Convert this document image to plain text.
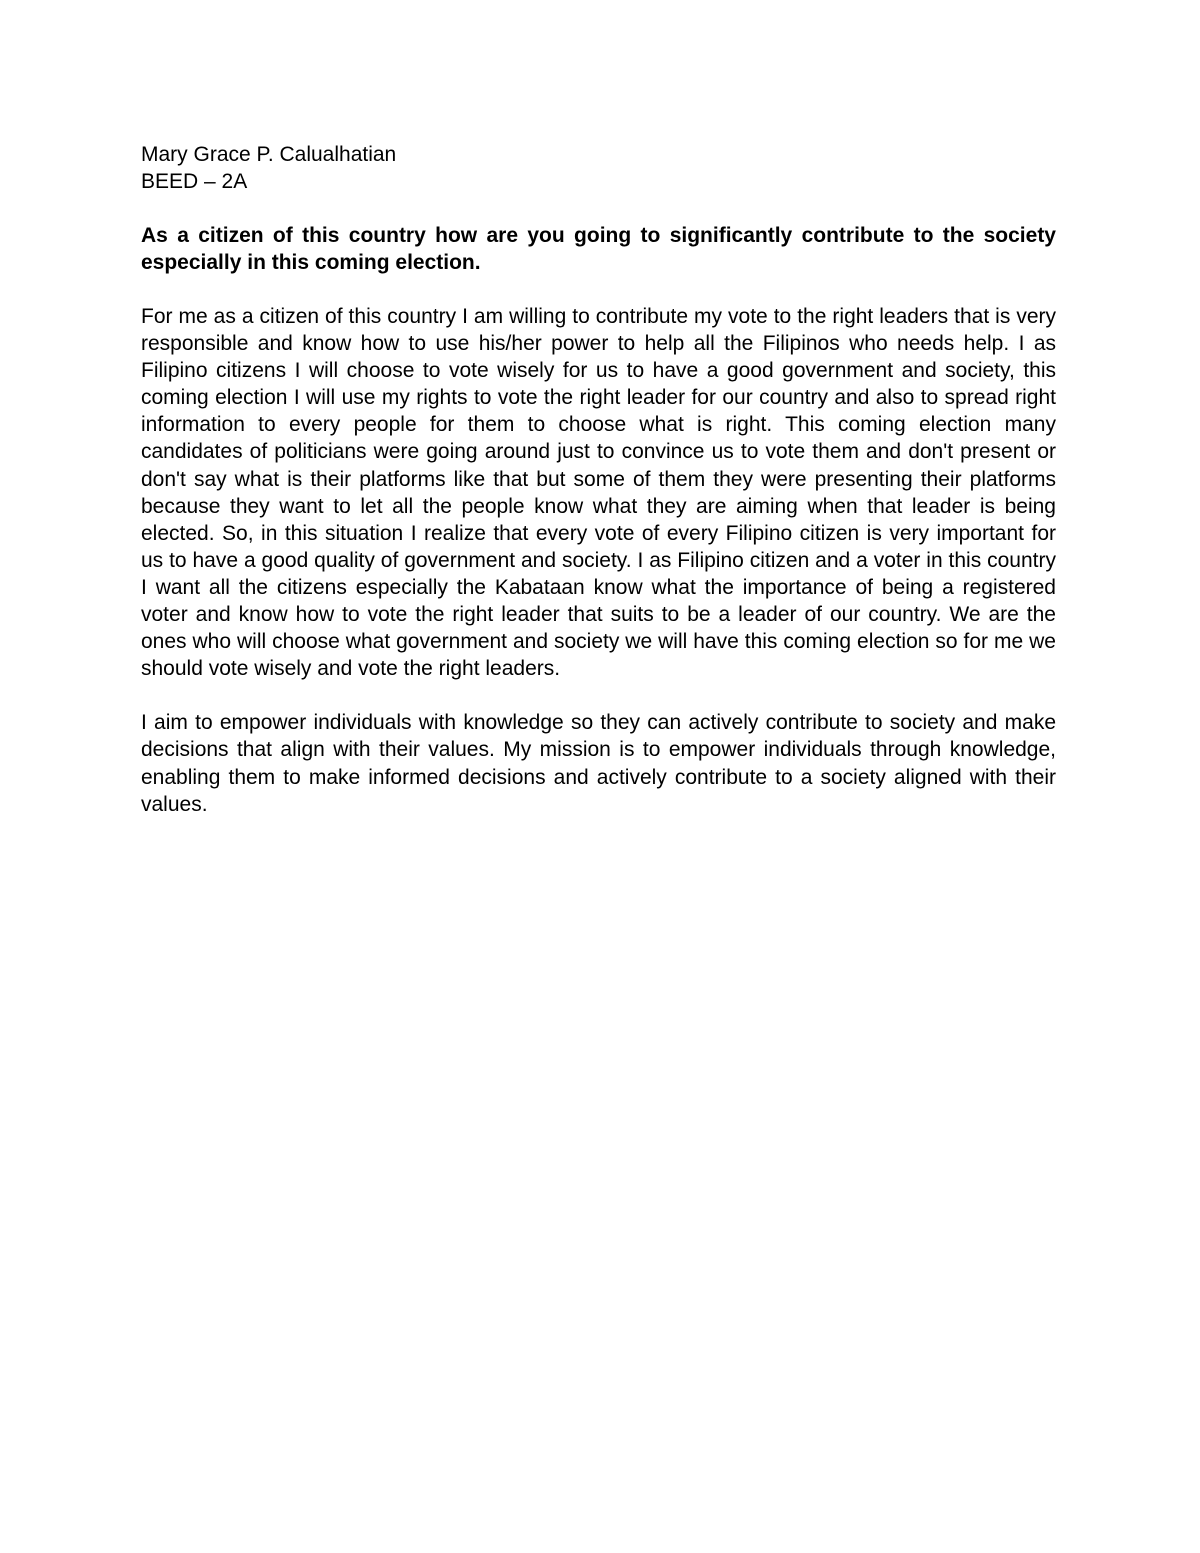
Mary Grace P. Calualhatian

BEED – 2A

As a citizen of this country how are you going to significantly contribute to the society especially in this coming election.

For me as a citizen of this country I am willing to contribute my vote to the right leaders that is very responsible and know how to use his/her power to help all the Filipinos who needs help. I as Filipino citizens I will choose to vote wisely for us to have a good government and society, this coming election I will use my rights to vote the right leader for our country and also to spread right information to every people for them to choose what is right. This coming election many candidates of politicians were going around just to convince us to vote them and don't present or don't say what is their platforms like that but some of them they were presenting their platforms because they want to let all the people know what they are aiming when that leader is being elected. So, in this situation I realize that every vote of every Filipino citizen is very important for us to have a good quality of government and society. I as Filipino citizen and a voter in this country I want all the citizens especially the Kabataan know what the importance of being a registered voter and know how to vote the right leader that suits to be a leader of our country. We are the ones who will choose what government and society we will have this coming election so for me we should vote wisely and vote the right leaders.

I aim to empower individuals with knowledge so they can actively contribute to society and make decisions that align with their values. My mission is to empower individuals through knowledge, enabling them to make informed decisions and actively contribute to a society aligned with their values.
